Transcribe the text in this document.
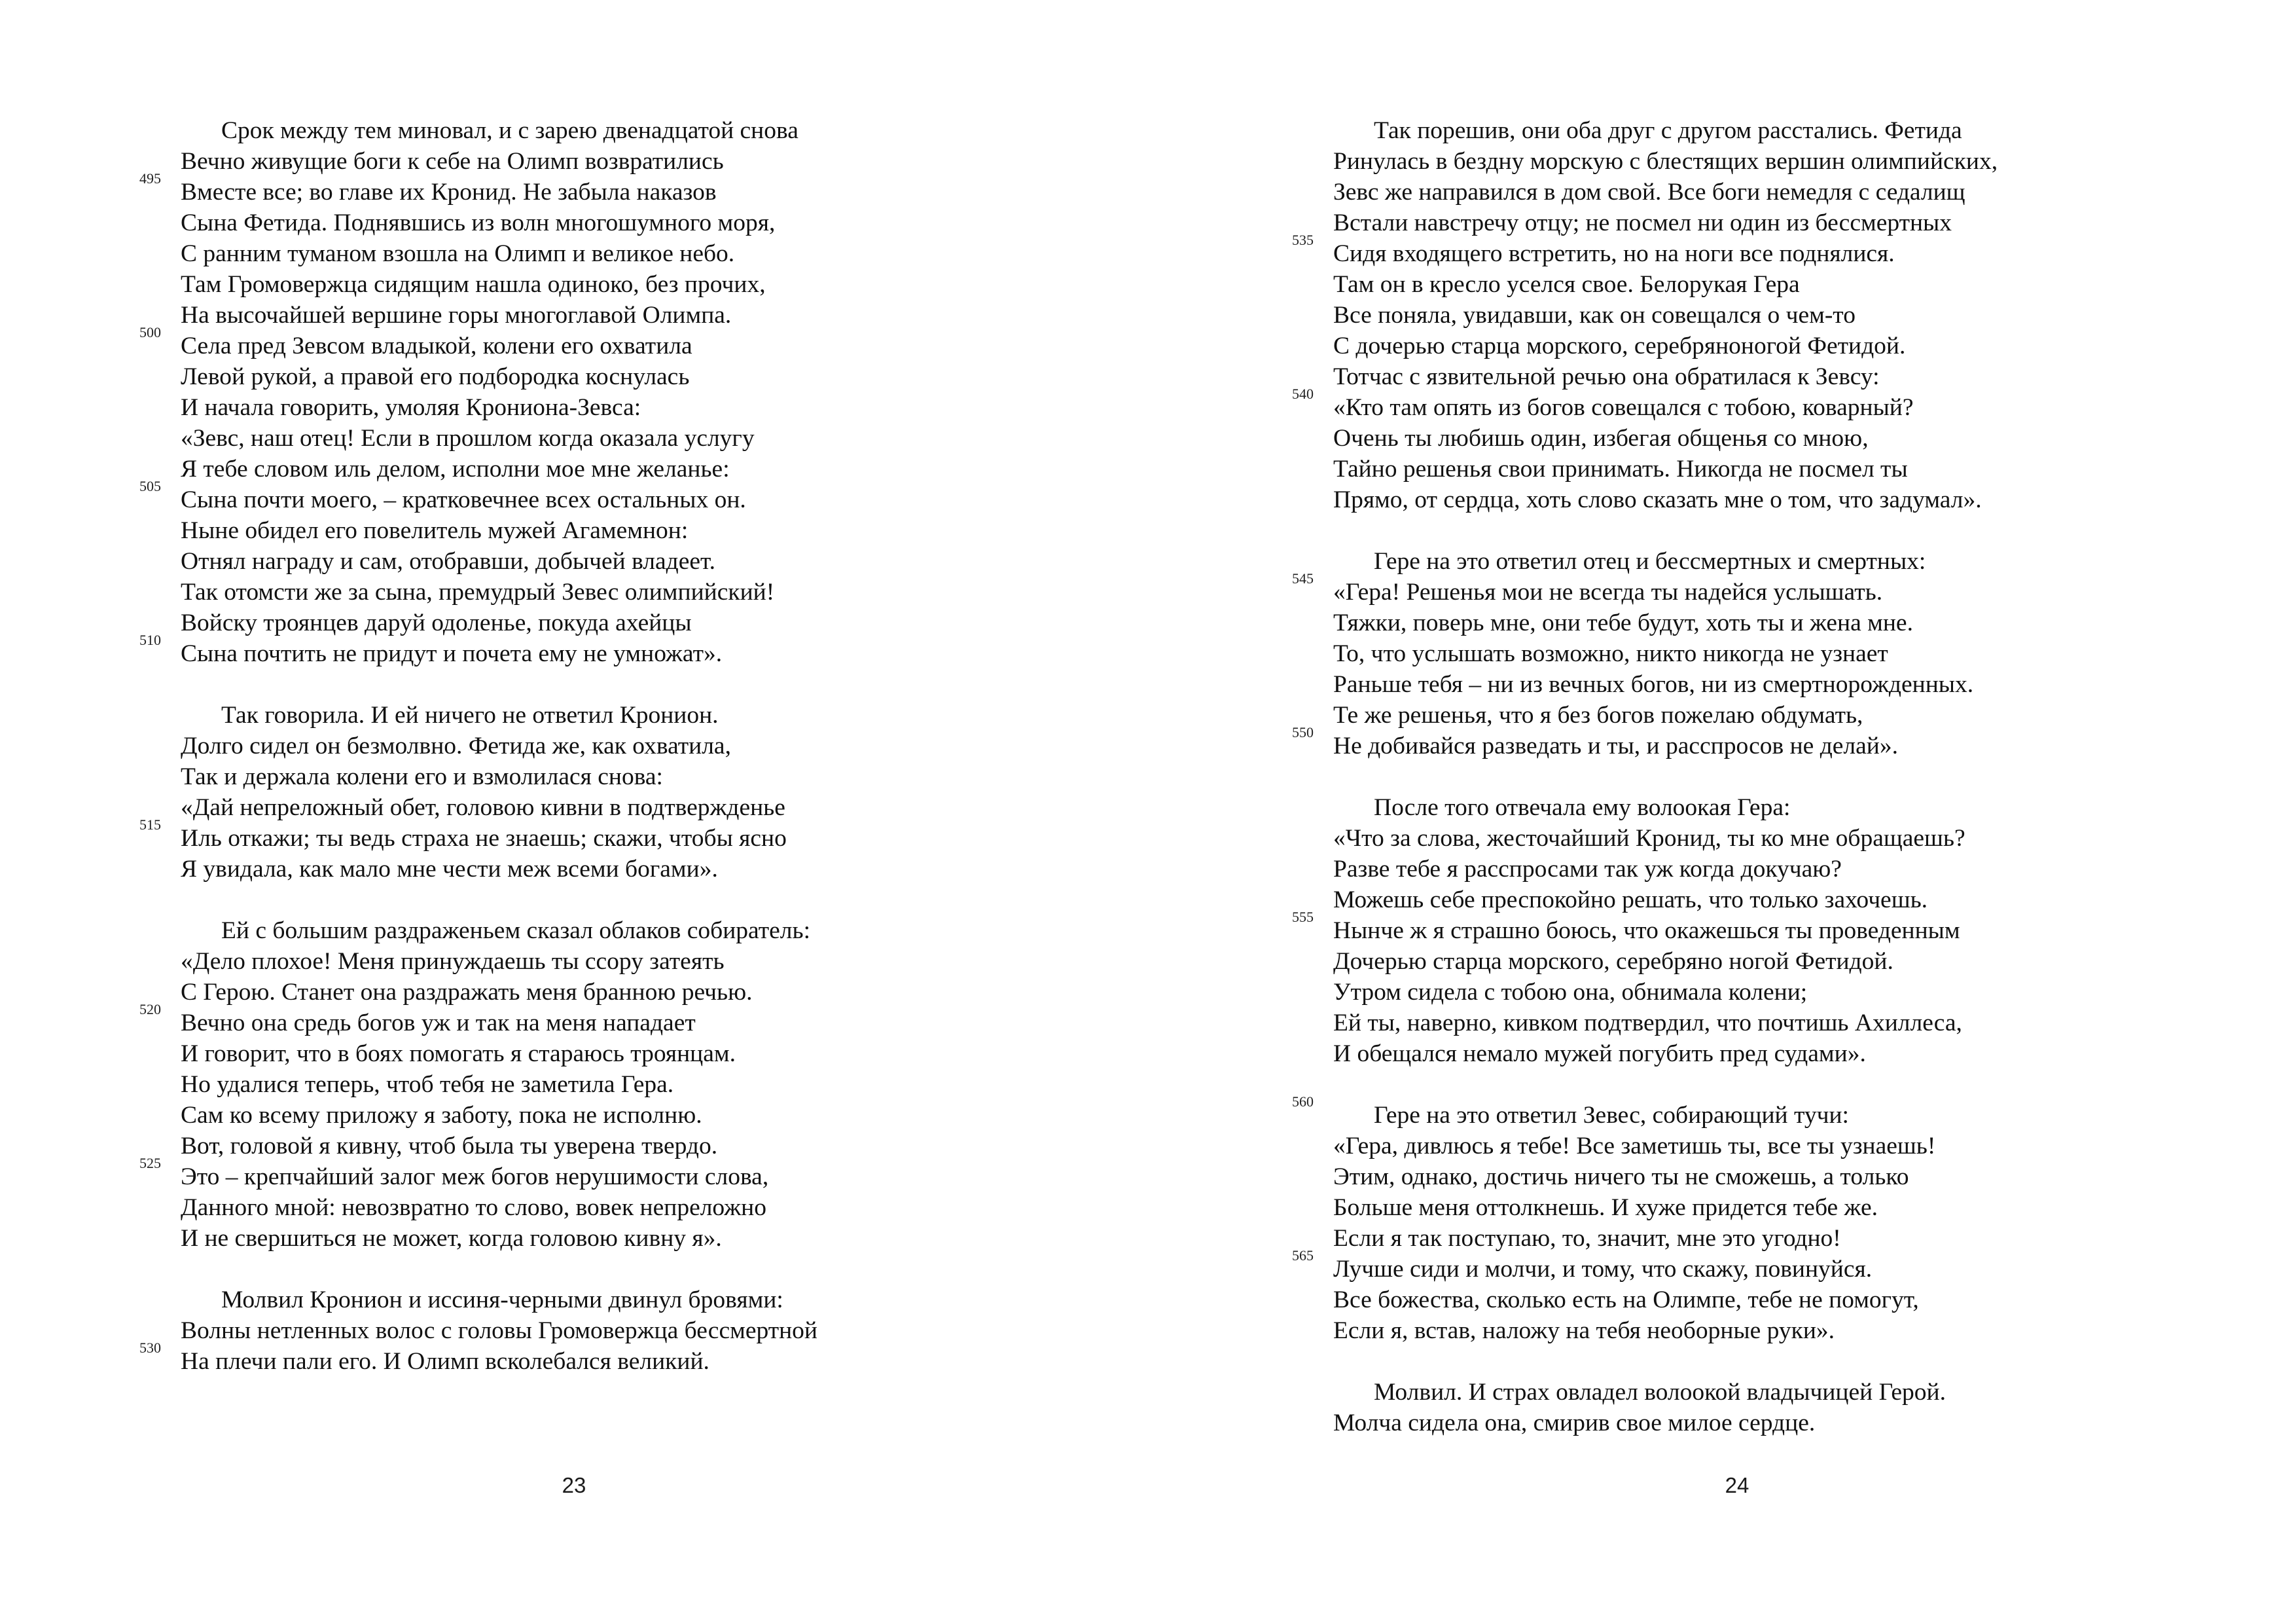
Срок между тем миновал, и с зарею двенадцатой снова
Вечно живущие боги к себе на Олимп возвратились
495
Вместе все; во главе их Кронид. Не забыла наказов
Сына Фетида. Поднявшись из волн многошумного моря,
С ранним туманом взошла на Олимп и великое небо.
Там Громовержца сидящим нашла одиноко, без прочих,
На высочайшей вершине горы многоглавой Олимпа.
500
Села пред Зевсом владыкой, колени его охватила
Левой рукой, а правой его подбородка коснулась
И начала говорить, умоляя Крониона-Зевса:
«Зевс, наш отец! Если в прошлом когда оказала услугу
Я тебе словом иль делом, исполни мое мне желанье:
505
Сына почти моего, – кратковечнее всех остальных он.
Ныне обидел его повелитель мужей Агамемнон:
Отнял награду и сам, отобравши, добычей владеет.
Так отомсти же за сына, премудрый Зевес олимпийский!
Войску троянцев даруй одоленье, покуда ахейцы
510
Сына почтить не придут и почета ему не умножат».
Так говорила. И ей ничего не ответил Кронион.
Долго сидел он безмолвно. Фетида же, как охватила,
Так и держала колени его и взмолилася снова:
«Дай непреложный обет, головою кивни в подтвержденье
515
Иль откажи; ты ведь страха не знаешь; скажи, чтобы ясно
Я увидала, как мало мне чести меж всеми богами».
Ей с большим раздраженьем сказал облаков собиратель:
«Дело плохое! Меня принуждаешь ты ссору затеять
С Герою. Станет она раздражать меня бранною речью.
520
Вечно она средь богов уж и так на меня нападает
И говорит, что в боях помогать я стараюсь троянцам.
Но удалися теперь, чтоб тебя не заметила Гера.
Сам ко всему приложу я заботу, пока не исполню.
Вот, головой я кивну, чтоб была ты уверена твердо.
525
Это – крепчайший залог меж богов нерушимости слова,
Данного мной: невозвратно то слово, вовек непреложно
И не свершиться не может, когда головою кивну я».
Молвил Кронион и иссиня-черными двинул бровями:
Волны нетленных волос с головы Громовержца бессмертной
530
На плечи пали его. И Олимп всколебался великий.
23
Так порешив, они оба друг с другом расстались. Фетида
Ринулась в бездну морскую с блестящих вершин олимпийских,
Зевс же направился в дом свой. Все боги немедля с седалищ
Встали навстречу отцу; не посмел ни один из бессмертных
535
Сидя входящего встретить, но на ноги все поднялися.
Там он в кресло уселся свое. Белорукая Гера
Все поняла, увидавши, как он совещался о чем-то
С дочерью старца морского, серебряноногой Фетидой.
Тотчас с язвительной речью она обратилася к Зевсу:
540
«Кто там опять из богов совещался с тобою, коварный?
Очень ты любишь один, избегая общенья со мною,
Тайно решенья свои принимать. Никогда не посмел ты
Прямо, от сердца, хоть слово сказать мне о том, что задумал».
Гере на это ответил отец и бессмертных и смертных:
545
«Гера! Решенья мои не всегда ты надейся услышать.
Тяжки, поверь мне, они тебе будут, хоть ты и жена мне.
То, что услышать возможно, никто никогда не узнает
Раньше тебя – ни из вечных богов, ни из смертнорожденных.
Те же решенья, что я без богов пожелаю обдумать,
550
Не добивайся разведать и ты, и расспросов не делай».
После того отвечала ему волоокая Гера:
«Что за слова, жесточайший Кронид, ты ко мне обращаешь?
Разве тебе я расспросами так уж когда докучаю?
Можешь себе преспокойно решать, что только захочешь.
555
Нынче ж я страшно боюсь, что окажешься ты проведенным
Дочерью старца морского, серебряно ногой Фетидой.
Утром сидела с тобою она, обнимала колени;
Ей ты, наверно, кивком подтвердил, что почтишь Ахиллеса,
И обещался немало мужей погубить пред судами».
560
Гере на это ответил Зевес, собирающий тучи:
«Гера, дивлюсь я тебе! Все заметишь ты, все ты узнаешь!
Этим, однако, достичь ничего ты не сможешь, а только
Больше меня оттолкнешь. И хуже придется тебе же.
Если я так поступаю, то, значит, мне это угодно!
565
Лучше сиди и молчи, и тому, что скажу, повинуйся.
Все божества, сколько есть на Олимпе, тебе не помогут,
Если я, встав, наложу на тебя необорные руки».
Молвил. И страх овладел волоокой владычицей Герой.
Молча сидела она, смирив свое милое сердце.
24
